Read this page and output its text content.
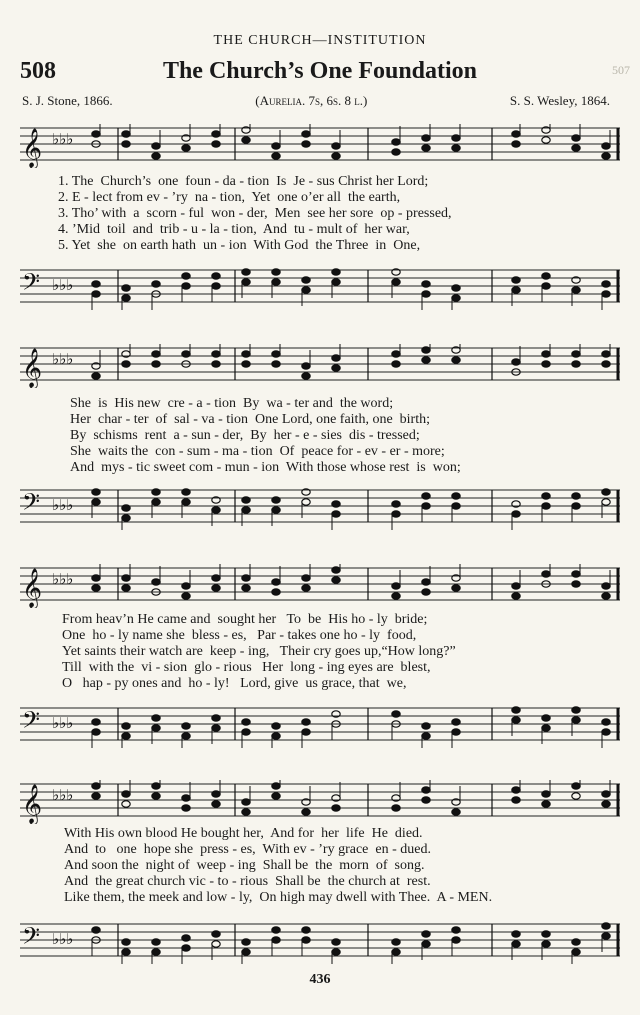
THE CHURCH—INSTITUTION
508	The Church’s One Foundation
S. J. Stone, 1866.	(Aurelia. 7s, 6s. 8 l.)	S. S. Wesley, 1864.
507
𝄞 ♭♭♭
1. The  Church’s  one  foun - da - tion  Is  Je - sus Christ her Lord;
2. E - lect from ev - ’ry  na - tion,  Yet  one o’er all  the earth,
3. Tho’ with  a  scorn - ful  won - der,  Men  see her sore  op - pressed,
4. ’Mid  toil  and  trib - u - la - tion,  And  tu - mult of  her war,
5. Yet  she  on earth hath  un - ion  With God  the Three  in  One,
𝄢 ♭♭♭
𝄞 ♭♭♭
She  is  His new  cre - a - tion  By  wa - ter and  the word;
Her  char - ter  of  sal - va - tion  One Lord, one faith, one  birth;
By  schisms  rent  a - sun - der,  By  her - e - sies  dis - tressed;
She  waits the  con - sum - ma - tion  Of  peace for - ev - er - more;
And  mys - tic sweet com - mun - ion  With those whose rest  is  won;
𝄢 ♭♭♭
𝄞 ♭♭♭
From heav’n He came and  sought her   To  be  His ho - ly  bride;
One  ho - ly name she  bless - es,   Par - takes one ho - ly  food,
Yet saints their watch are  keep - ing,   Their cry goes up,“How long?”
Till  with the  vi - sion  glo - rious   Her  long - ing eyes are  blest,
O   hap - py ones and  ho - ly!   Lord, give  us grace, that  we,
𝄢 ♭♭♭
𝄞 ♭♭♭
With His own blood He bought her,  And for  her  life  He  died.
And  to   one  hope she  press - es,  With ev - ’ry grace  en - dued.
And soon the  night of  weep - ing  Shall be  the  morn  of  song.
And  the great church vic - to - rious  Shall be  the church at  rest.
Like them, the meek and low - ly,  On high may dwell with Thee.  A - MEN.
𝄢 ♭♭♭
436
